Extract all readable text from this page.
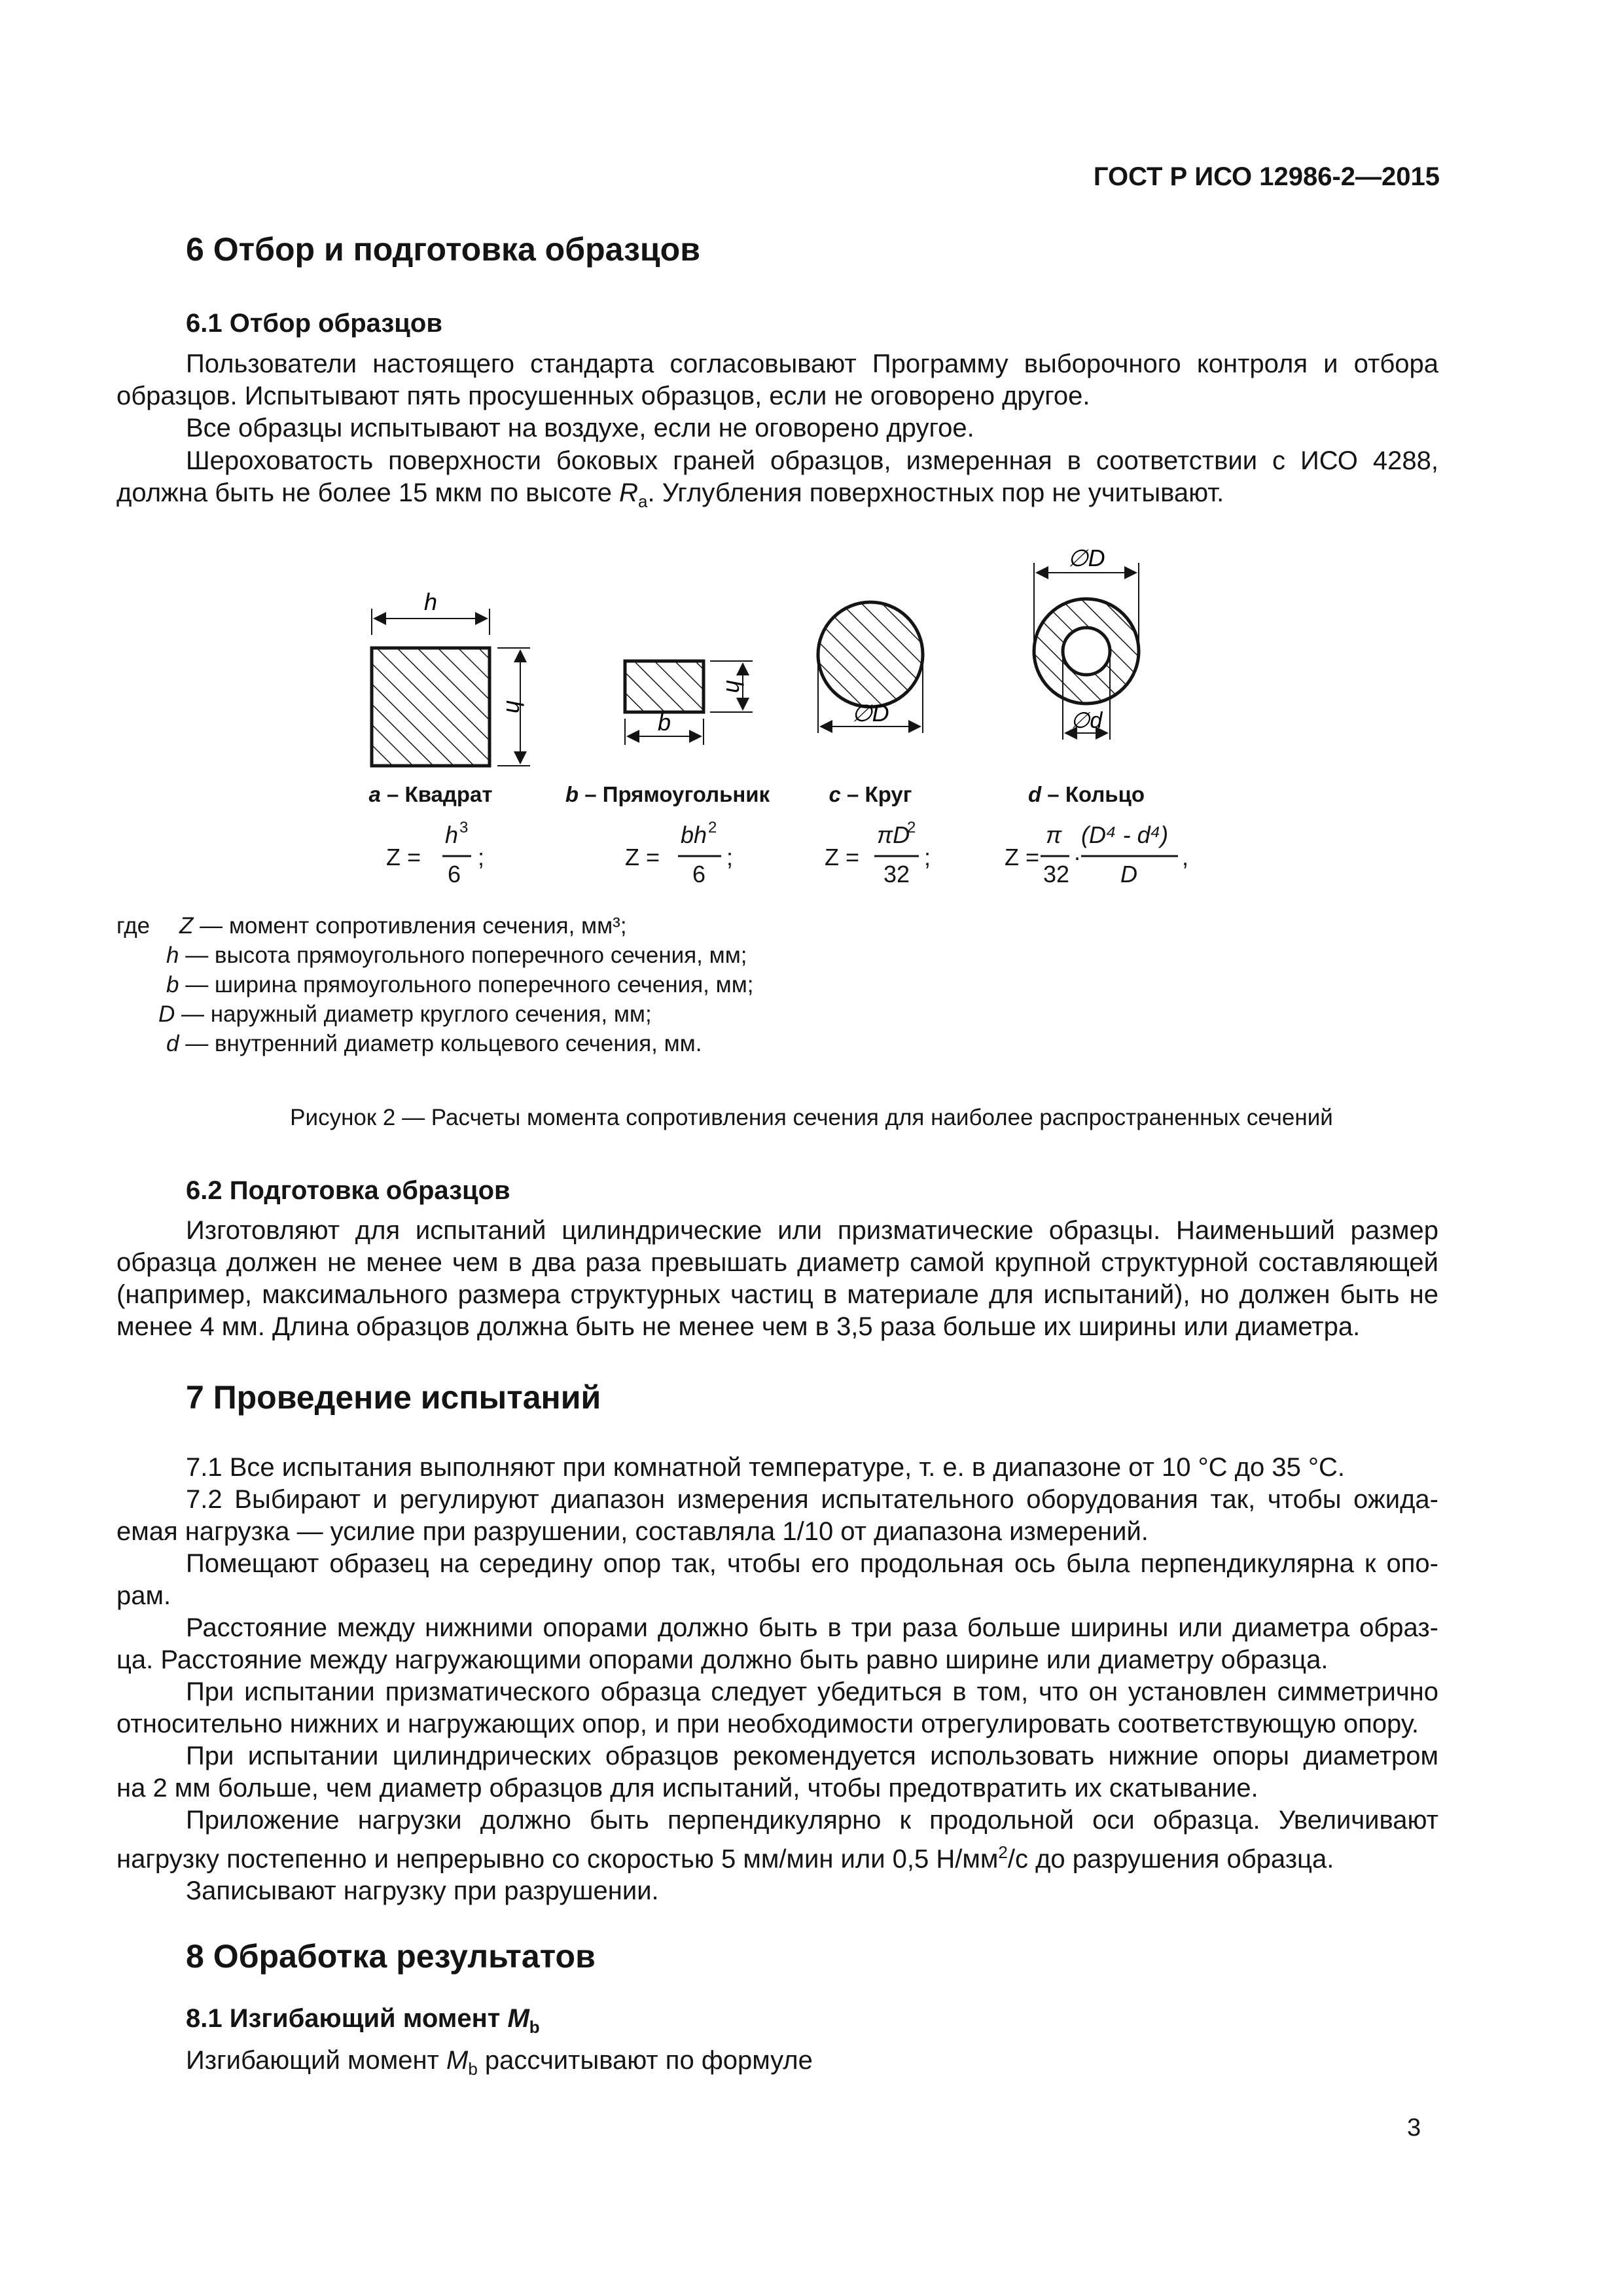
ГОСТ Р ИСО 12986-2—2015
6 Отбор и подготовка образцов
6.1 Отбор образцов
Пользователи настоящего стандарта согласовывают Программу выборочного контроля и отбора
образцов. Испытывают пять просушенных образцов, если не оговорено другое.
Все образцы испытывают на воздухе, если не оговорено другое.
Шероховатость поверхности боковых граней образцов, измеренная в соответствии с ИСО 4288,
должна быть не более 15 мкм по высоте $R_a$. Углубления поверхностных пор не учитывают.
h
h
b
h
∅D
∅D
∅d
a – Квадрат	b – Прямоугольник	c – Круг	d – Кольцо
Z =
h 3
6
;	Z =
bh 2
6
;	Z =
πD
2
32
;	Z =
π
32
·
(D⁴ - d⁴)
D
,
где Z — момент сопротивления сечения, мм³;
h — высота прямоугольного поперечного сечения, мм;
b — ширина прямоугольного поперечного сечения, мм;
D — наружный диаметр круглого сечения, мм;
d — внутренний диаметр кольцевого сечения, мм.
Рисунок 2 — Расчеты момента сопротивления сечения для наиболее распространенных сечений
6.2 Подготовка образцов
Изготовляют для испытаний цилиндрические или призматические образцы. Наименьший размер
образца должен не менее чем в два раза превышать диаметр самой крупной структурной составляющей
(например, максимального размера структурных частиц в материале для испытаний), но должен быть не
менее 4 мм. Длина образцов должна быть не менее чем в 3,5 раза больше их ширины или диаметра.
7 Проведение испытаний
7.1 Все испытания выполняют при комнатной температуре, т. е. в диапазоне от 10 °С до 35 °С.
7.2 Выбирают и регулируют диапазон измерения испытательного оборудования так, чтобы ожида-
емая нагрузка — усилие при разрушении, составляла 1/10 от диапазона измерений.
Помещают образец на середину опор так, чтобы его продольная ось была перпендикулярна к опо-
рам.
Расстояние между нижними опорами должно быть в три раза больше ширины или диаметра образ-
ца. Расстояние между нагружающими опорами должно быть равно ширине или диаметру образца.
При испытании призматического образца следует убедиться в том, что он установлен симметрично
относительно нижних и нагружающих опор, и при необходимости отрегулировать соответствующую опору.
При испытании цилиндрических образцов рекомендуется использовать нижние опоры диаметром
на 2 мм больше, чем диаметр образцов для испытаний, чтобы предотвратить их скатывание.
Приложение нагрузки должно быть перпендикулярно к продольной оси образца. Увеличивают
нагрузку постепенно и непрерывно со скоростью 5 мм/мин или 0,5 $Н/мм^2/с$ до разрушения образца.
Записывают нагрузку при разрушении.
8 Обработка результатов
8.1 Изгибающий момент $M_b$
Изгибающий момент $M_b$ рассчитывают по формуле
3
